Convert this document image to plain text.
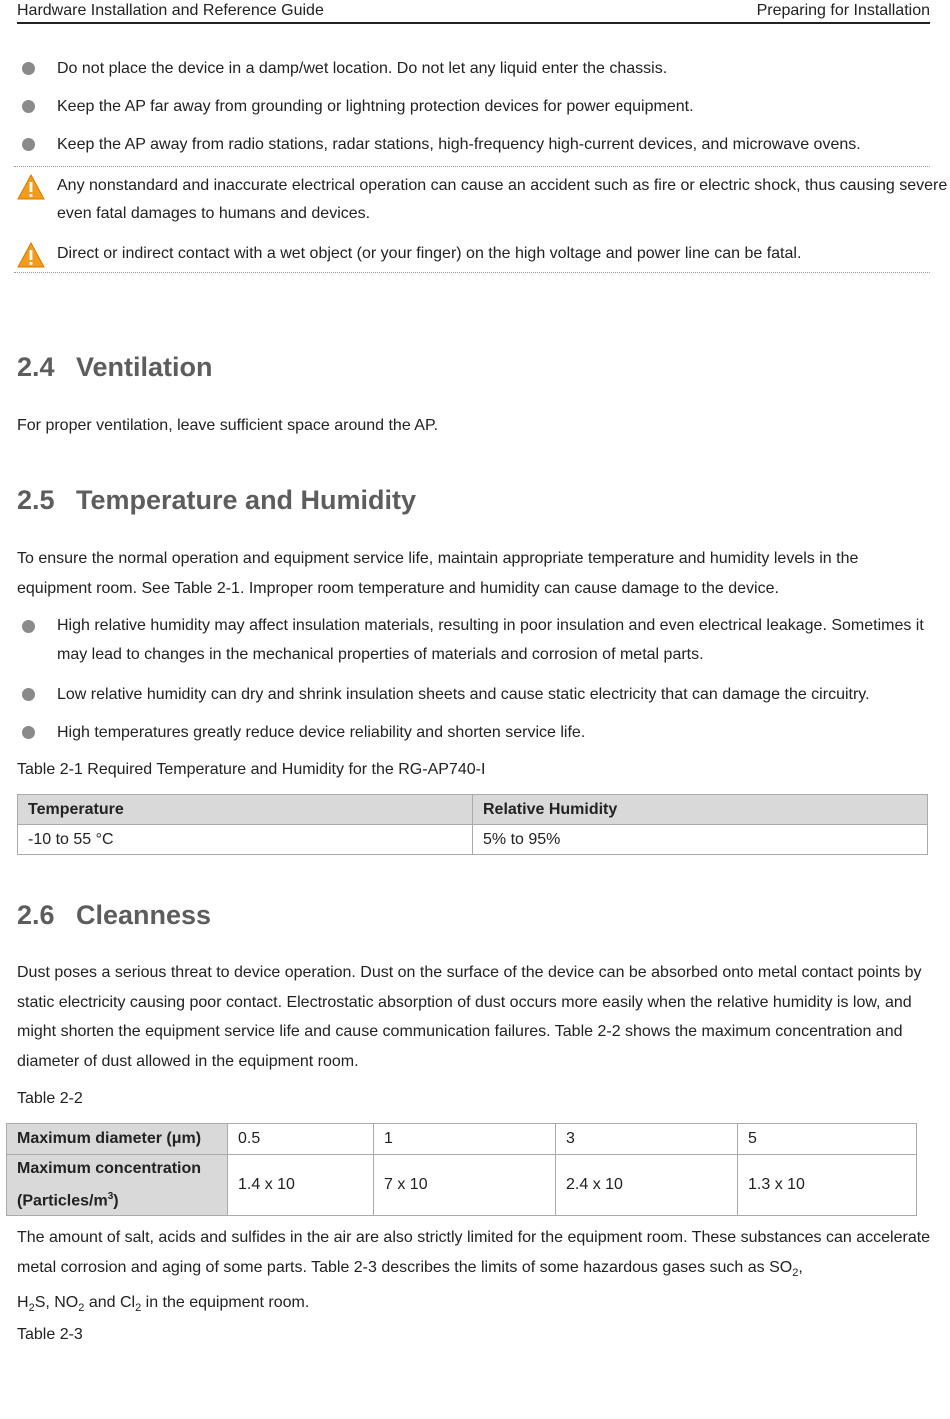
Hardware Installation and Reference Guide	Preparing for Installation
Do not place the device in a damp/wet location. Do not let any liquid enter the chassis.
Keep the AP far away from grounding or lightning protection devices for power equipment.
Keep the AP away from radio stations, radar stations, high-frequency high-current devices, and microwave ovens.
Any nonstandard and inaccurate electrical operation can cause an accident such as fire or electric shock, thus causing severe even fatal damages to humans and devices.
Direct or indirect contact with a wet object (or your finger) on the high voltage and power line can be fatal.
2.4 Ventilation
For proper ventilation, leave sufficient space around the AP.
2.5 Temperature and Humidity
To ensure the normal operation and equipment service life, maintain appropriate temperature and humidity levels in the equipment room. See Table 2-1. Improper room temperature and humidity can cause damage to the device.
High relative humidity may affect insulation materials, resulting in poor insulation and even electrical leakage. Sometimes it may lead to changes in the mechanical properties of materials and corrosion of metal parts.
Low relative humidity can dry and shrink insulation sheets and cause static electricity that can damage the circuitry.
High temperatures greatly reduce device reliability and shorten service life.
Table 2-1 Required Temperature and Humidity for the RG-AP740-I
Temperature	Relative Humidity
-10 to 55 °C	5% to 95%
2.6 Cleanness
Dust poses a serious threat to device operation. Dust on the surface of the device can be absorbed onto metal contact points by static electricity causing poor contact. Electrostatic absorption of dust occurs more easily when the relative humidity is low, and might shorten the equipment service life and cause communication failures. Table 2-2 shows the maximum concentration and diameter of dust allowed in the equipment room.
Table 2-2
Maximum diameter (μm)	0.5	1	3	5
Maximum concentration
$(Particles/m^3)$	1.4 x 10	7 x 10	2.4 x 10	1.3 x 10
The amount of salt, acids and sulfides in the air are also strictly limited for the equipment room. These substances can accelerate metal corrosion and aging of some parts. Table 2-3 describes the limits of some hazardous gases such as $SO_2$,
$H_2S$, $NO_2$ and $Cl_2$ in the equipment room.
Table 2-3
